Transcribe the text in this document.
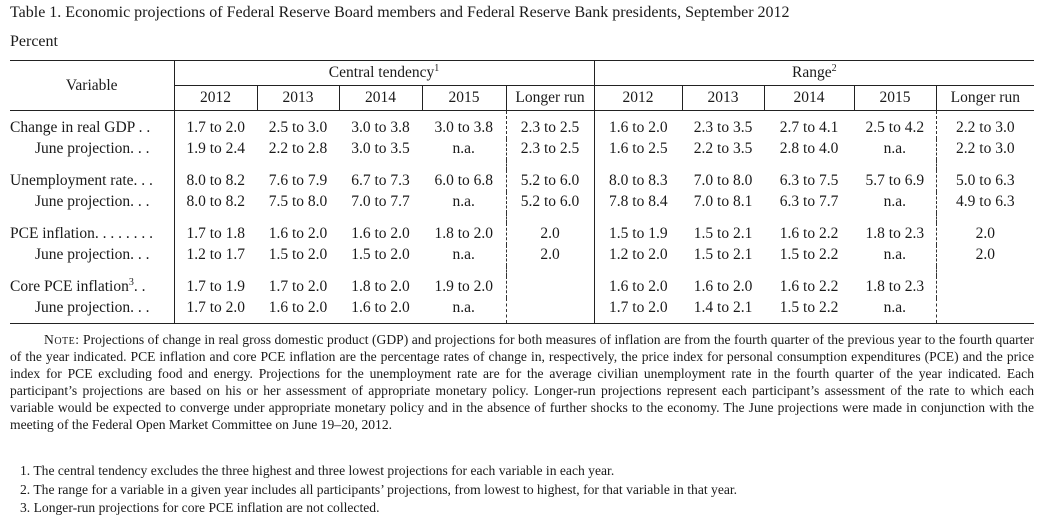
Table 1. Economic projections of Federal Reserve Board members and Federal Reserve Bank presidents, September 2012
Percent
Variable	Central tendency$^1$					Range$^2$
	2012	2013	2014	2015	Longer run	2012	2013	2014	2015	Longer run
Change in real GDP . .	1.7 to 2.0	2.5 to 3.0	3.0 to 3.8	3.0 to 3.8	2.3 to 2.5	1.6 to 2.0	2.3 to 3.5	2.7 to 4.1	2.5 to 4.2	2.2 to 3.0
June projection. . .	1.9 to 2.4	2.2 to 2.8	3.0 to 3.5	n.a.	2.3 to 2.5	1.6 to 2.5	2.2 to 3.5	2.8 to 4.0	n.a.	2.2 to 3.0

Unemployment rate. . .	8.0 to 8.2	7.6 to 7.9	6.7 to 7.3	6.0 to 6.8	5.2 to 6.0	8.0 to 8.3	7.0 to 8.0	6.3 to 7.5	5.7 to 6.9	5.0 to 6.3
June projection. . .	8.0 to 8.2	7.5 to 8.0	7.0 to 7.7	n.a.	5.2 to 6.0	7.8 to 8.4	7.0 to 8.1	6.3 to 7.7	n.a.	4.9 to 6.3

PCE inflation. . . . . . . .	1.7 to 1.8	1.6 to 2.0	1.6 to 2.0	1.8 to 2.0	2.0	1.5 to 1.9	1.5 to 2.1	1.6 to 2.2	1.8 to 2.3	2.0
June projection. . .	1.2 to 1.7	1.5 to 2.0	1.5 to 2.0	n.a.	2.0	1.2 to 2.0	1.5 to 2.1	1.5 to 2.2	n.a.	2.0

Core PCE inflation$^3$. .	1.7 to 1.9	1.7 to 2.0	1.8 to 2.0	1.9 to 2.0		1.6 to 2.0	1.6 to 2.0	1.6 to 2.2	1.8 to 2.3	
June projection. . .	1.7 to 2.0	1.6 to 2.0	1.6 to 2.0	n.a.		1.7 to 2.0	1.4 to 2.1	1.5 to 2.2	n.a.	
Note: Projections of change in real gross domestic product (GDP) and projections for both measures of inflation are from the fourth quarter of the previous year to the fourth quarter of the year indicated. PCE inflation and core PCE inflation are the percentage rates of change in, respectively, the price index for personal consumption expenditures (PCE) and the price index for PCE excluding food and energy. Projections for the unemployment rate are for the average civilian unemployment rate in the fourth quarter of the year indicated. Each participant’s projections are based on his or her assessment of appropriate monetary policy. Longer-run projections represent each participant’s assessment of the rate to which each variable would be expected to converge under appropriate monetary policy and in the absence of further shocks to the economy. The June projections were made in conjunction with the meeting of the Federal Open Market Committee on June 19–20, 2012.
1. The central tendency excludes the three highest and three lowest projections for each variable in each year.
2. The range for a variable in a given year includes all participants’ projections, from lowest to highest, for that variable in that year.
3. Longer-run projections for core PCE inflation are not collected.
